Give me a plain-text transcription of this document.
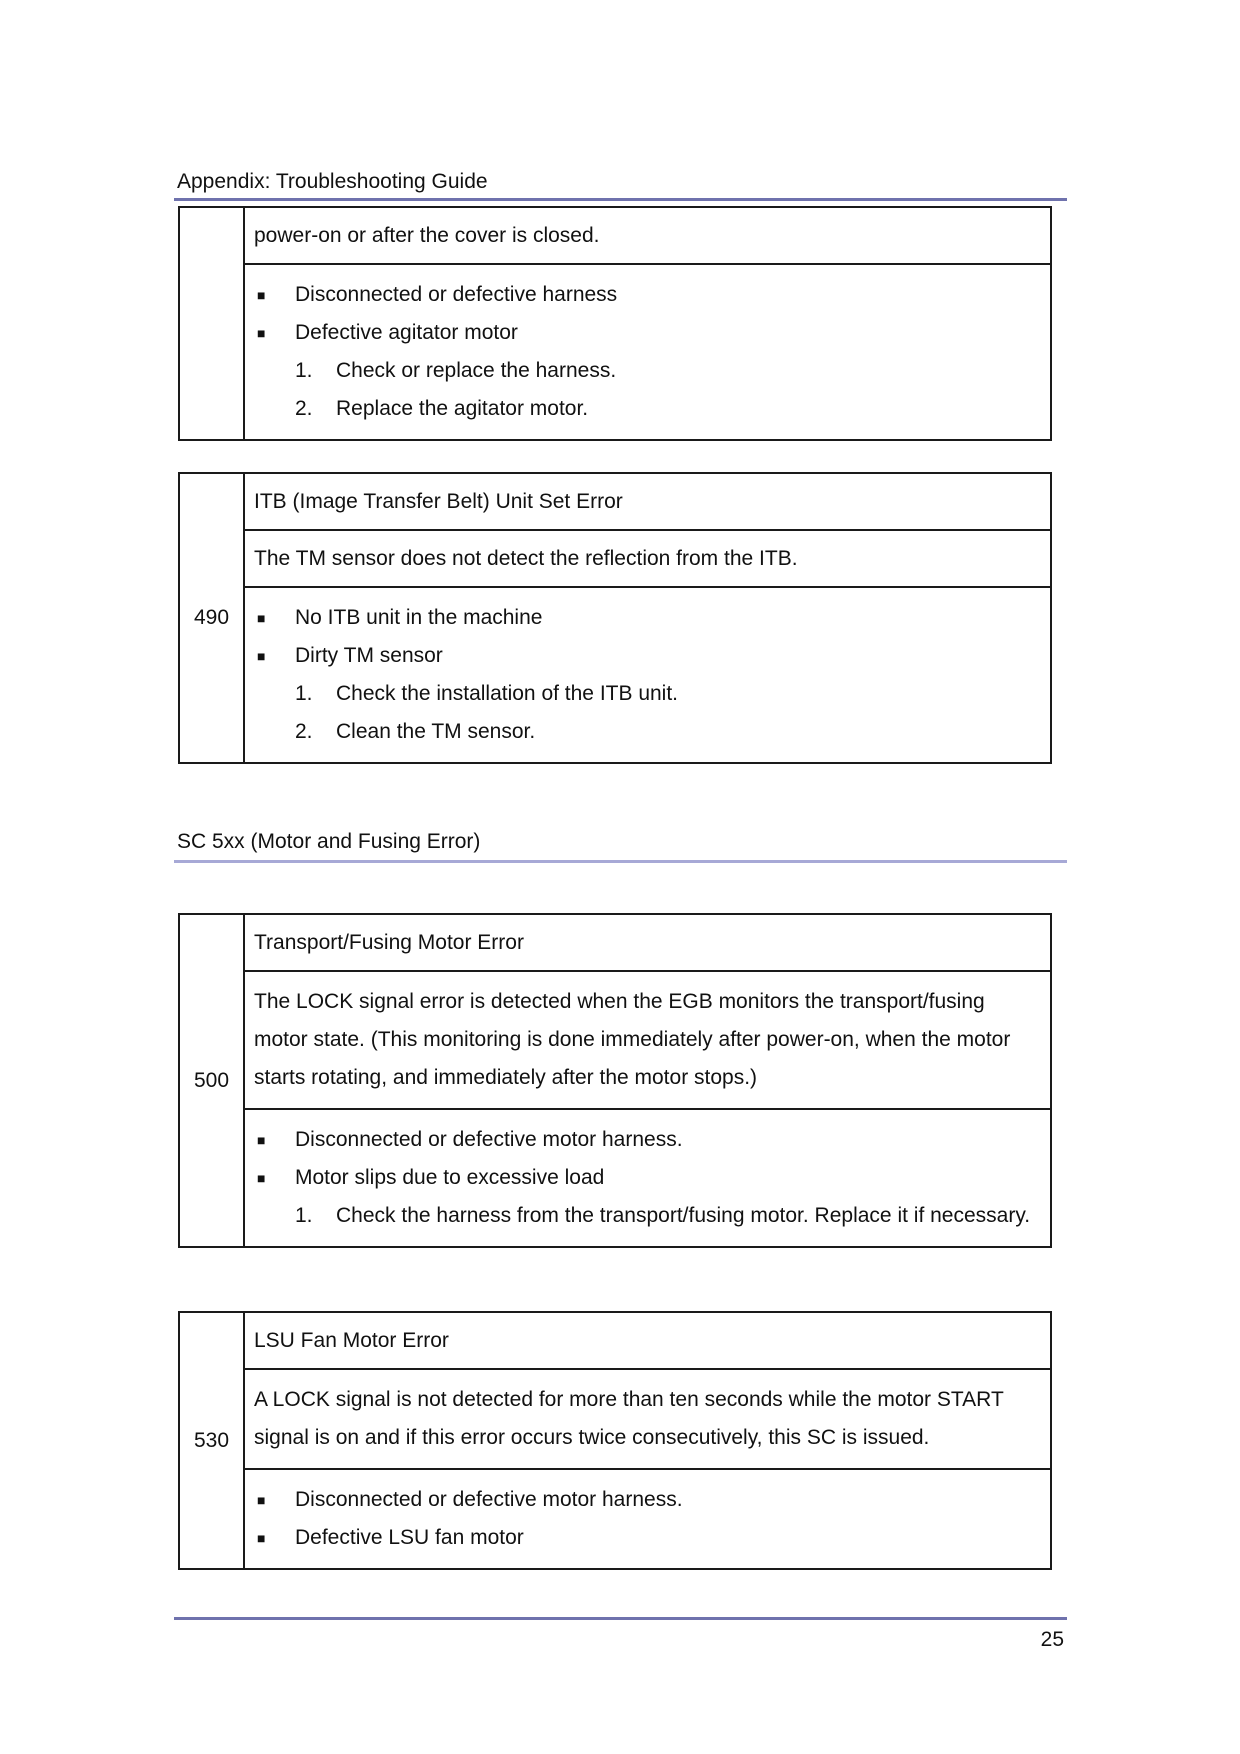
Appendix: Troubleshooting Guide

power-on or after the cover is closed.

■ Disconnected or defective harness
■ Defective agitator motor
1. Check or replace the harness.
2. Replace the agitator motor.
490	
ITB (Image Transfer Belt) Unit Set Error

The TM sensor does not detect the reflection from the ITB.

■ No ITB unit in the machine
■ Dirty TM sensor
1. Check the installation of the ITB unit.
2. Clean the TM sensor.
SC 5xx (Motor and Fusing Error)
500	
Transport/Fusing Motor Error

The LOCK signal error is detected when the EGB monitors the transport/fusing motor state. (This monitoring is done immediately after power-on, when the motor starts rotating, and immediately after the motor stops.)

■ Disconnected or defective motor harness.
■ Motor slips due to excessive load
1. Check the harness from the transport/fusing motor. Replace it if necessary.
530	
LSU Fan Motor Error

A LOCK signal is not detected for more than ten seconds while the motor START signal is on and if this error occurs twice consecutively, this SC is issued.

■ Disconnected or defective motor harness.
■ Defective LSU fan motor
25
